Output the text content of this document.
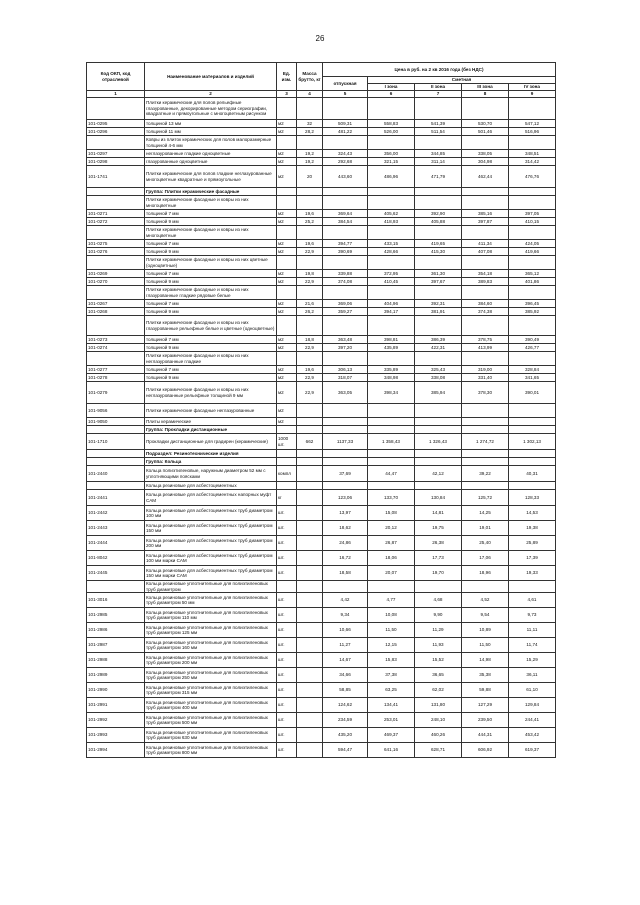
26
Код ОКП, код отраслевой	Наименование материалов и изделий	Ед. изм.	Масса брутто, кг	Цена в руб. на 2 кв 2016 года (без НДС)				
				отпускная	Сметная			
					I зона	II зона	III зона	IV зона
1	2	3	4	5	6	7	8	9
	Плитки керамические для полов рельефные глазурованные, декорированные методом сериографии, квадратные и прямоугольные с многоцветным рисунком							
101-0295	толщиной 13 мм	м2	32	509,31	558,83	541,39	530,70	547,12
101-0296	толщиной 11 мм	м2	28,2	481,22	526,00	511,54	501,46	516,96
	Ковры из плиток керамических для полов малоразмерные толщиной 4-6 мм							
101-0297	неглазурованные гладкие одноцветные	м2	19,2	324,43	356,00	344,85	338,05	348,51
101-0298	глазурованные одноцветные	м2	19,2	292,68	321,15	311,14	304,98	314,42
101-1741	Плитки керамические для полов гладкие неглазурованные многоцветные квадратные и прямоугольные	м2	20	443,60	486,96	471,79	462,44	476,76
	Группа: Плитки керамические фасадные							
	Плитки керамические фасадные и ковры из них многоцветные							
101-0271	толщиной 7 мм	м2	19,6	369,64	405,62	392,90	385,16	397,05
101-0272	толщиной 9 мм	м2	25,2	384,54	418,93	405,88	397,87	410,15
	Плитки керамические фасадные и ковры из них многоцветные							
101-0275	толщиной 7 мм	м2	19,6	394,77	433,15	419,65	411,34	424,05
101-0276	толщиной 9 мм	м2	22,9	390,69	428,66	415,30	407,08	419,66
	Плитки керамические фасадные и ковры из них цветные (одноцветные)							
101-0269	толщиной 7 мм	м2	19,8	339,88	372,95	361,30	354,18	365,12
101-0270	толщиной 9 мм	м2	22,9	374,08	410,45	397,67	389,83	401,86
	Плитки керамические фасадные и ковры из них глазурованные гладкие рядовые белые							
101-0267	толщиной 7 мм	м2	21,6	369,06	404,96	392,31	384,60	396,45
101-0268	толщиной 9 мм	м2	26,2	359,27	394,17	381,91	374,38	385,92
	Плитки керамические фасадные и ковры из них глазурованные рельефные белые и цветные (одноцветные)							
101-0273	толщиной 7 мм	м2	18,8	363,48	398,81	386,39	378,75	390,49
101-0274	толщиной 9 мм	м2	22,9	397,20	435,89	422,31	413,99	426,77
	Плитки керамические фасадные и ковры из них неглазурованные гладкие							
101-0277	толщиной 7 мм	м2	19,6	306,13	335,89	325,43	319,00	328,84
101-0278	толщиной 9 мм	м2	22,9	318,07	348,98	338,08	331,40	341,65
101-0279	Плитки керамические фасадные и ковры из них неглазурованные рельефные толщиной 9 мм	м2	22,9	363,05	398,34	385,94	378,30	390,01
101-9056	Плитки керамические фасадные неглазурованные	м2						
101-9050	Плиты керамические	м2						
	Группа: Прокладки дистанционные							
101-1710	Прокладки дистанционные для градирен (керамические)	1000 шт.	662	1137,33	1 358,43	1 326,43	1 274,72	1 302,13
	Подраздел: Резинотехнические изделия							
	Группа: Кольца							
101-2440	Кольца полиэтиленовые, наружным диаметром 52 мм с уплотняющими поясками	компл		37,69	44,47	42,12	39,22	40,31
	Кольца резиновые для асбестоцементных							
101-2441	Кольца резиновые для асбестоцементных напорных муфт САМ	кг		123,06	133,70	130,84	125,72	128,33
101-2442	Кольца резиновые для асбестоцементных труб диаметром 100 мм	шт.		13,97	15,08	14,81	14,25	14,53
101-2443	Кольца резиновые для асбестоцементных труб диаметром 150 мм	шт.		18,62	20,12	19,75	19,01	19,38
101-2444	Кольца резиновые для асбестоцементных труб диаметром 200 мм	шт.		24,86	26,87	26,38	25,40	25,89
101-8042	Кольца резиновые для асбестоцементных труб диаметром 100 мм марки САМ	шт.		16,72	18,06	17,73	17,06	17,39
101-2445	Кольца резиновые для асбестоцементных труб диаметром 150 мм марки САМ	шт.		18,58	20,07	19,70	18,96	19,33
	Кольца резиновые уплотнительные для полиэтиленовых труб диаметром							
101-3016	Кольца резиновые уплотнительные для полиэтиленовых труб диаметром 50 мм	шт.		4,42	4,77	4,68	4,52	4,61
101-2985	Кольца резиновые уплотнительные для полиэтиленовых труб диаметром 110 мм	шт.		9,34	10,08	9,90	9,54	9,73
101-2986	Кольца резиновые уплотнительные для полиэтиленовых труб диаметром 125 мм	шт.		10,66	11,50	11,29	10,89	11,11
101-2987	Кольца резиновые уплотнительные для полиэтиленовых труб диаметром 160 мм	шт.		11,27	12,15	11,93	11,50	11,74
101-2988	Кольца резиновые уплотнительные для полиэтиленовых труб диаметром 200 мм	шт.		14,67	15,83	15,52	14,98	15,29
101-2989	Кольца резиновые уплотнительные для полиэтиленовых труб диаметром 250 мм	шт.		34,66	37,38	36,65	35,38	36,11
101-2990	Кольца резиновые уплотнительные для полиэтиленовых труб диаметром 315 мм	шт.		58,85	63,25	62,02	59,88	61,10
101-2991	Кольца резиновые уплотнительные для полиэтиленовых труб диаметром 400 мм	шт.		124,62	134,41	131,80	127,29	129,84
101-2992	Кольца резиновые уплотнительные для полиэтиленовых труб диаметром 500 мм	шт.		234,59	253,01	248,10	239,50	244,41
101-2993	Кольца резиновые уплотнительные для полиэтиленовых труб диаметром 630 мм	шт.		435,20	469,37	460,26	444,31	453,42
101-2994	Кольца резиновые уплотнительные для полиэтиленовых труб диаметром 800 мм	шт.		594,47	641,16	628,71	606,92	619,37
